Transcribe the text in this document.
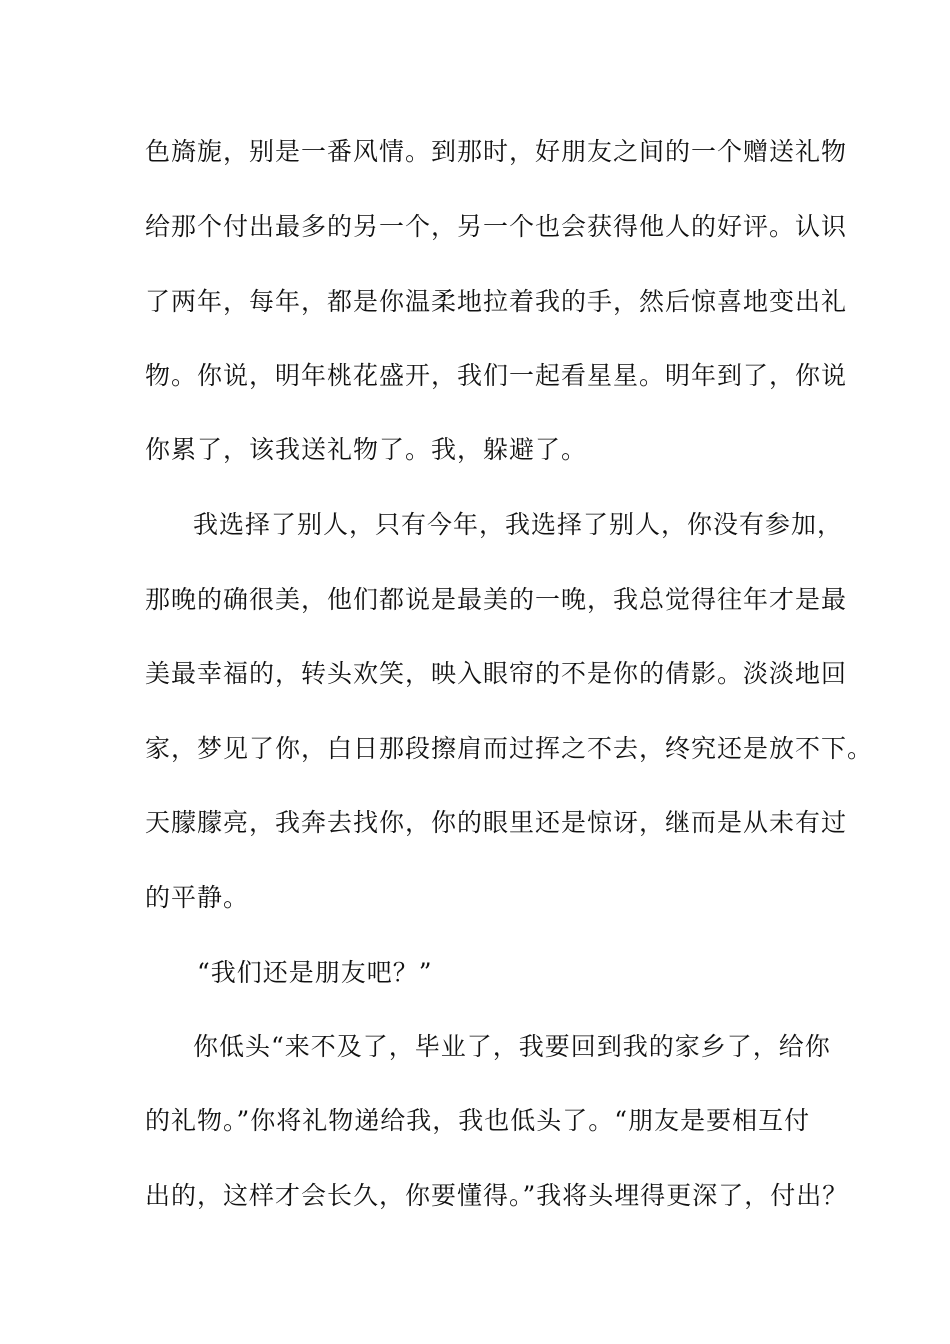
色旖旎，别是一番风情。到那时，好朋友之间的一个赠送礼物
给那个付出最多的另一个，另一个也会获得他人的好评。认识
了两年，每年，都是你温柔地拉着我的手，然后惊喜地变出礼
物。你说，明年桃花盛开，我们一起看星星。明年到了，你说
你累了，该我送礼物了。我，躲避了。
我选择了别人，只有今年，我选择了别人，你没有参加，
那晚的确很美，他们都说是最美的一晚，我总觉得往年才是最
美最幸福的，转头欢笑，映入眼帘的不是你的倩影。淡淡地回
家，梦见了你，白日那段擦肩而过挥之不去，终究还是放不下。
天朦朦亮，我奔去找你，你的眼里还是惊讶，继而是从未有过
的平静。
“我们还是朋友吧？”
你低头“来不及了，毕业了，我要回到我的家乡了，给你
的礼物。”你将礼物递给我，我也低头了。“朋友是要相互付
出的，这样才会长久，你要懂得。”我将头埋得更深了，付出？
